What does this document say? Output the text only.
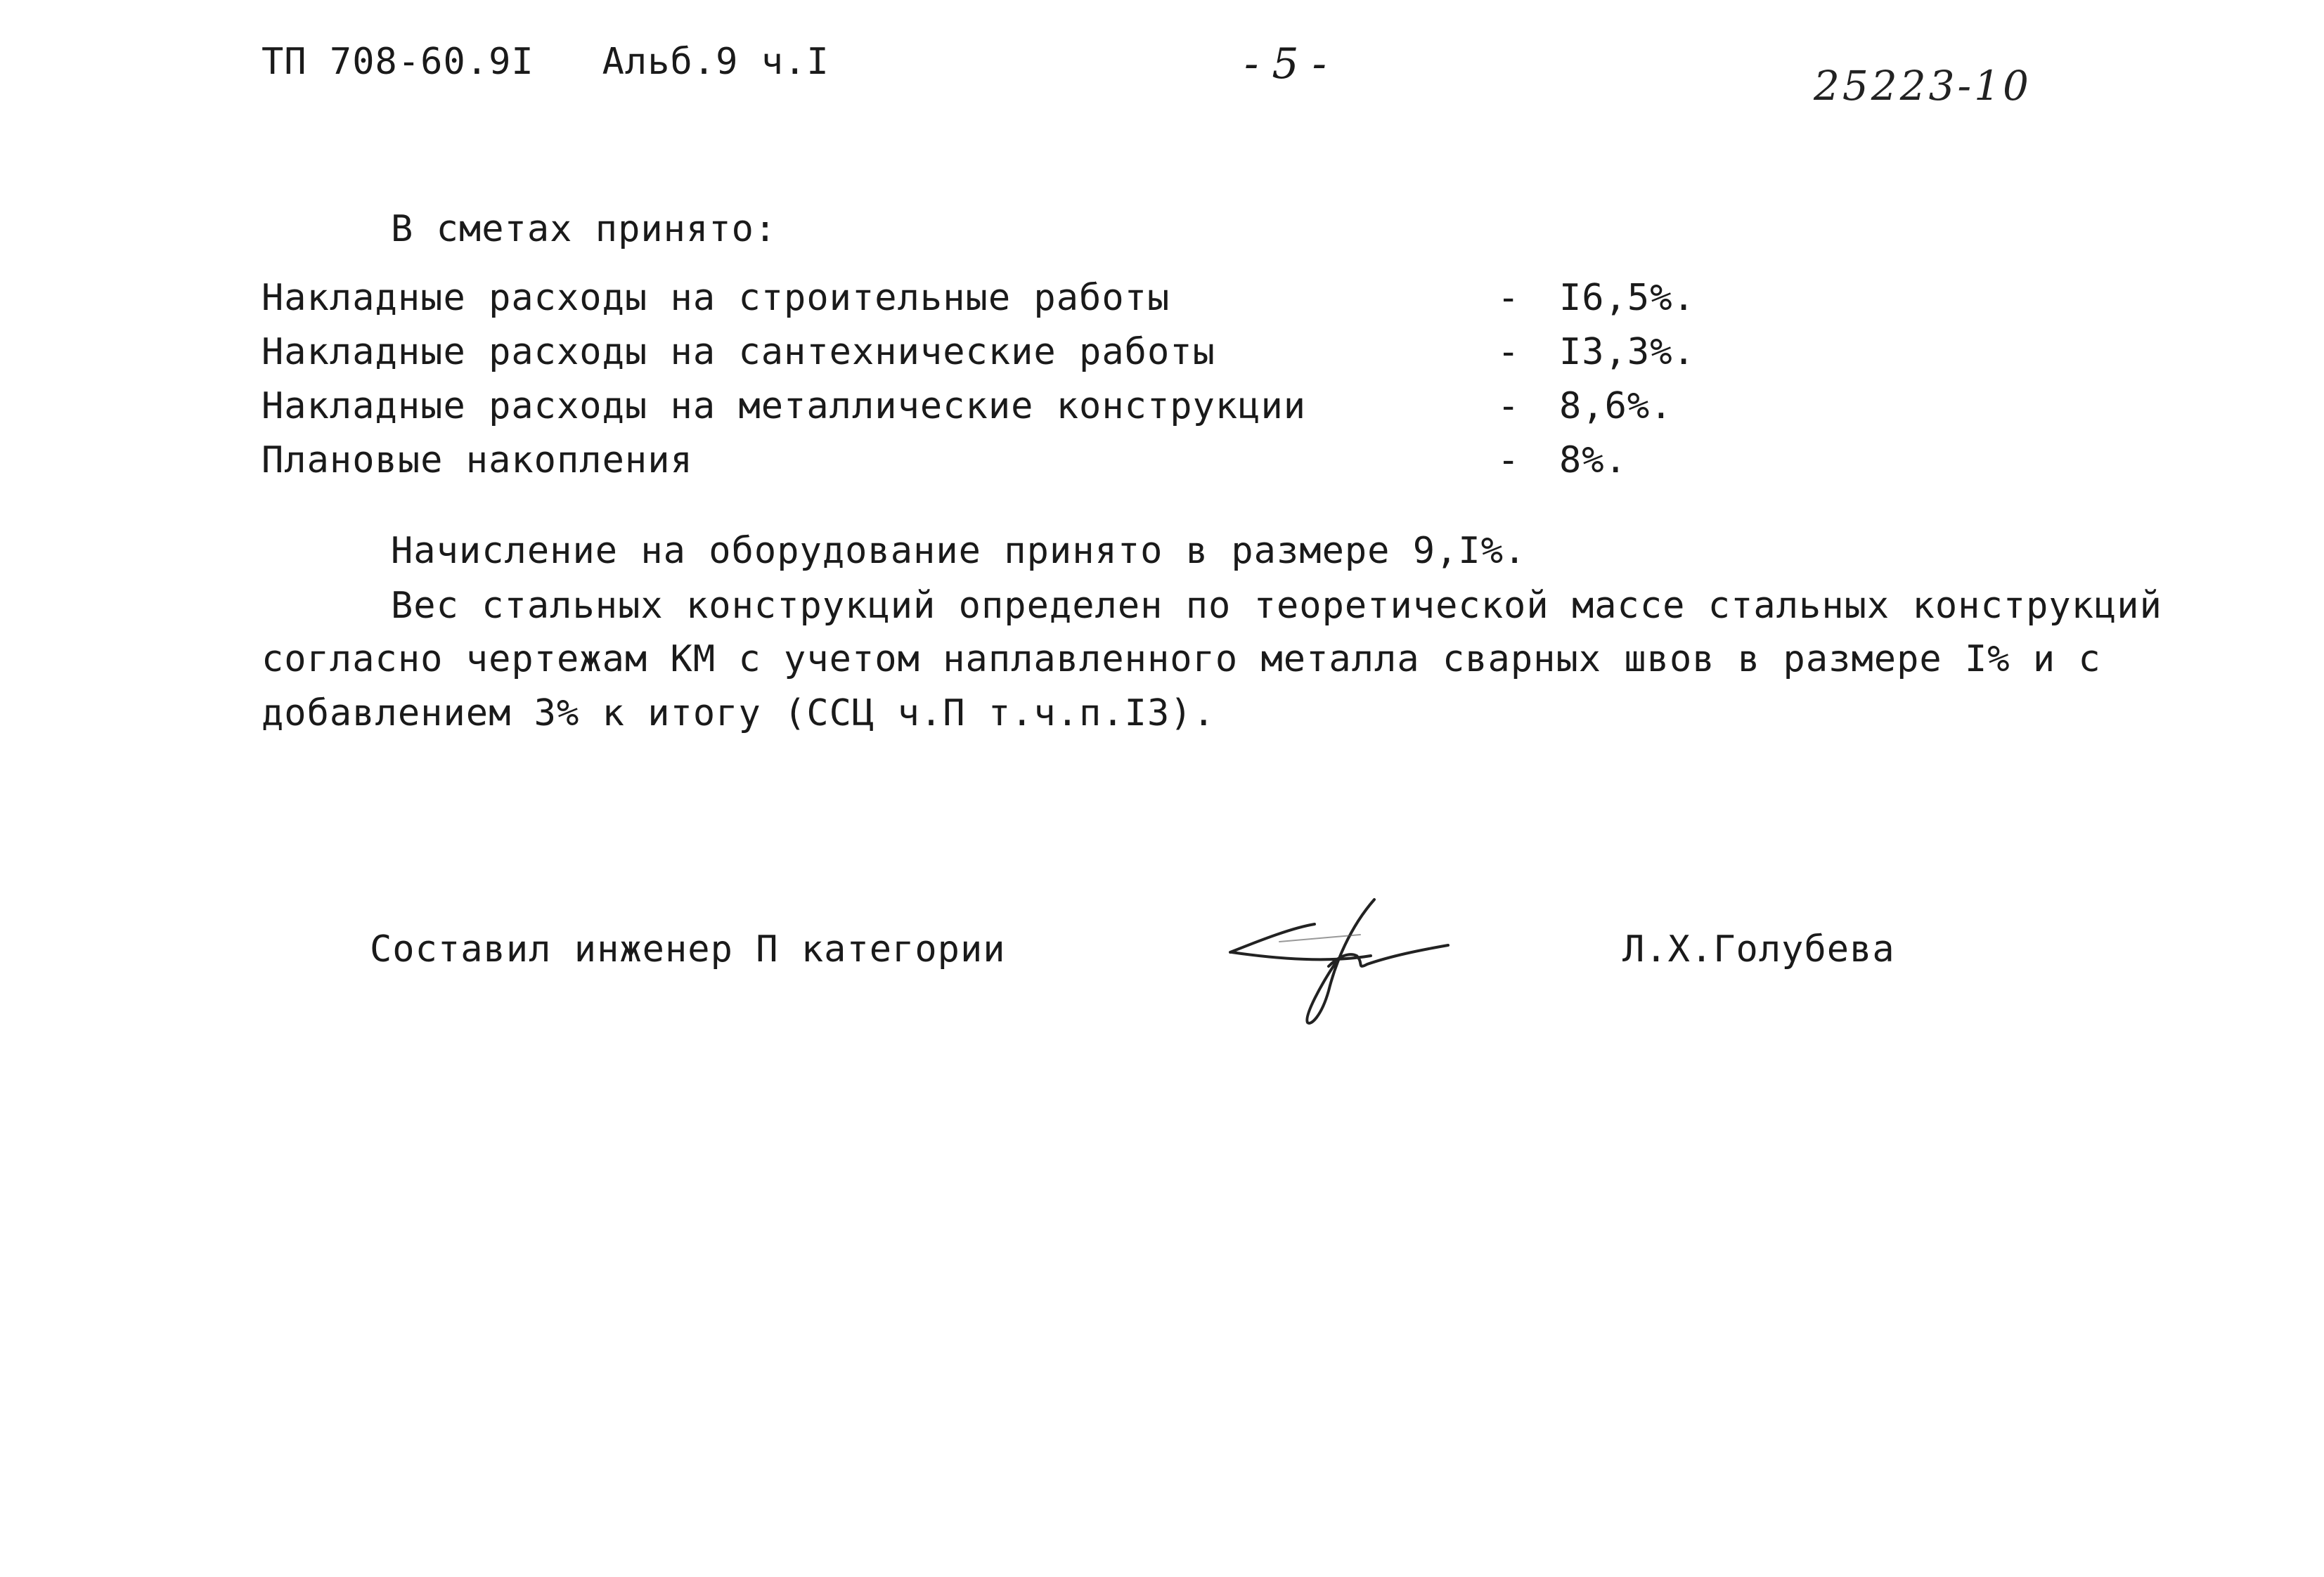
ТП 708-60.9I Альб.9 ч.I	- 5 -	25223-10
В сметах принято:
Накладные расходы на строительные работы	- I6,5%.
Накладные расходы на сантехнические работы	- I3,3%.
Накладные расходы на металлические конструкции	- 8,6%.
Плановые накопления	- 8%.
Начисление на оборудование принято в размере 9,I%.
Вес стальных конструкций определен по теоретической массе стальных конструкций
согласно чертежам КМ с учетом наплавленного металла сварных швов в размере I% и с
добавлением 3% к итогу (ССЦ ч.П т.ч.п.I3).
Составил инженер П категории	Л.Х.Голубева
